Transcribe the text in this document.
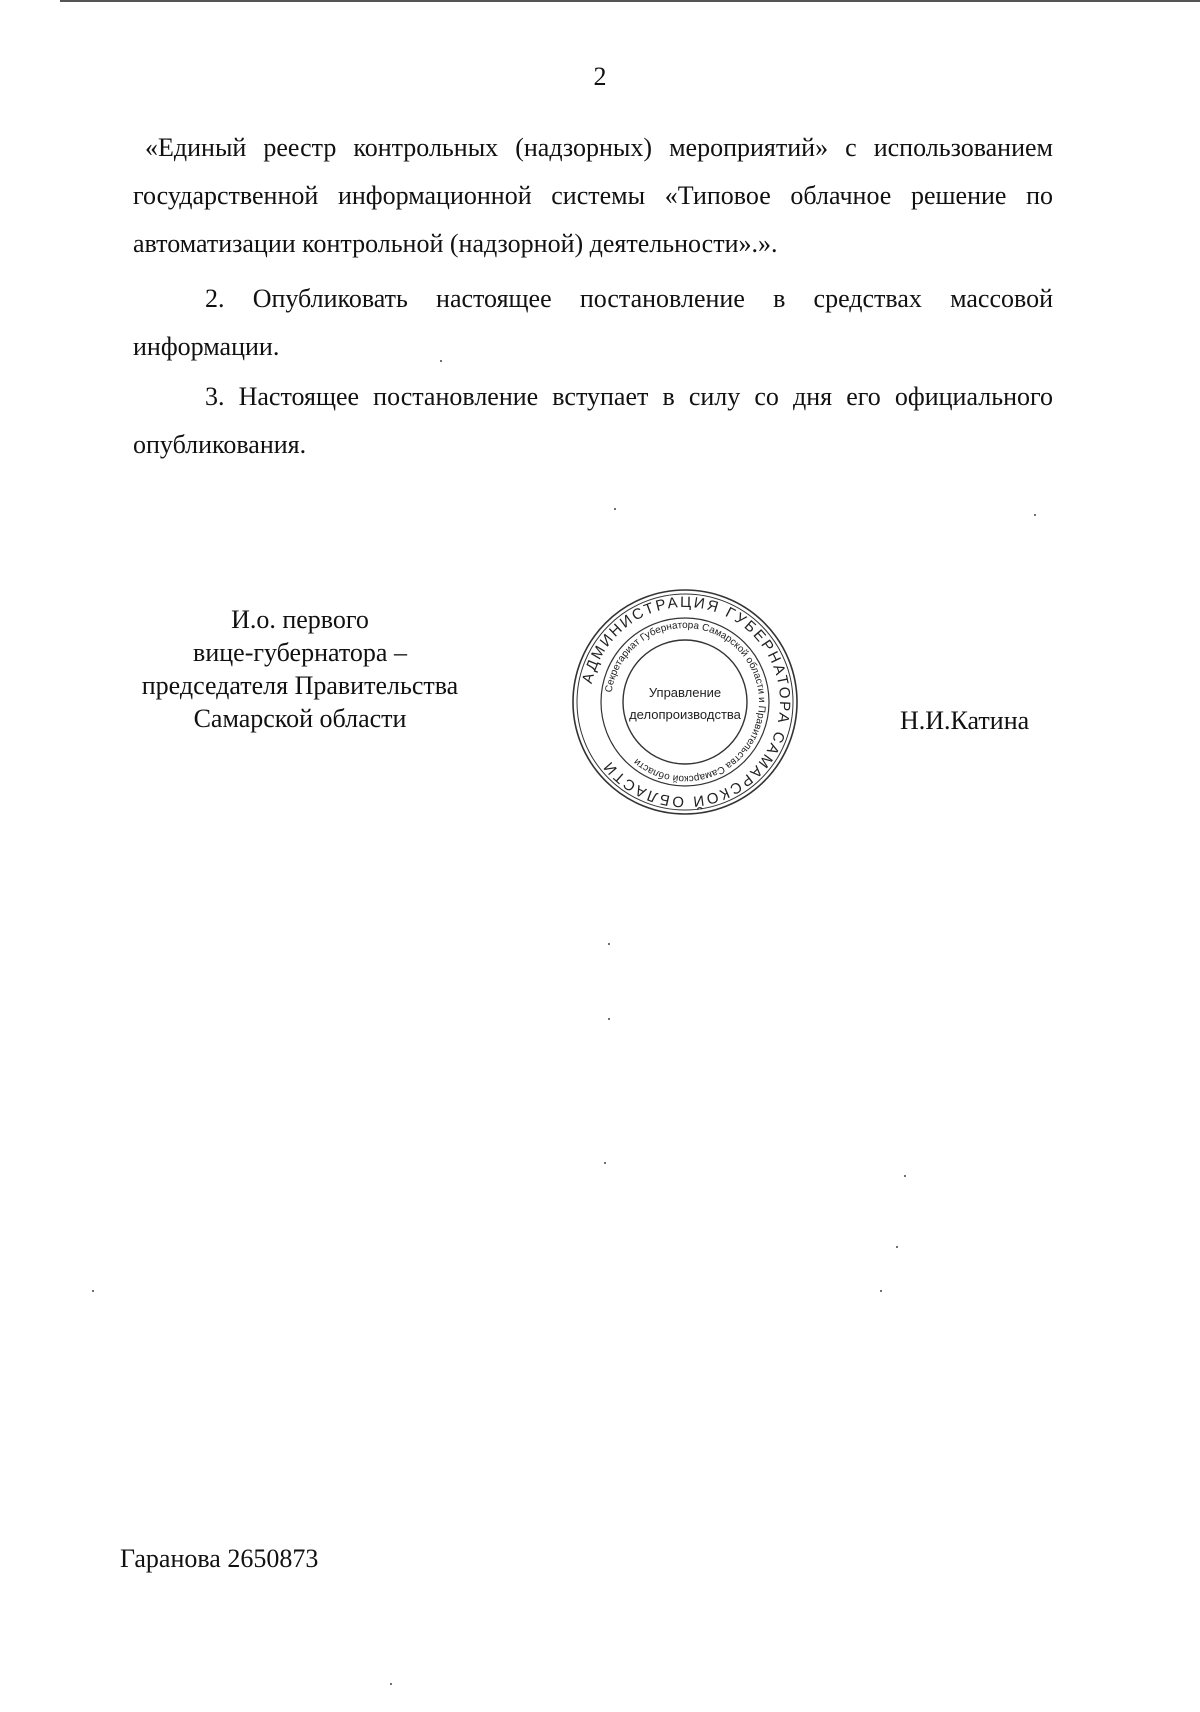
2

«Единый реестр контрольных (надзорных) мероприятий» с использованием государственной информационной системы «Типовое облачное решение по автоматизации контрольной (надзорной) деятельности».».

2. Опубликовать настоящее постановление в средствах массовой информации.

3. Настоящее постановление вступает в силу со дня его официального опубликования.

И.о. первого
вице-губернатора –
председателя Правительства
Самарской области
АДМИНИСТРАЦИЯ ГУБЕРНАТОРА САМАРСКОЙ ОБЛАСТИ
Секретариат Губернатора Самарской области и Правительства Самарской области
Управление
делопроизводства	Н.И.Катина
Гаранова 2650873
